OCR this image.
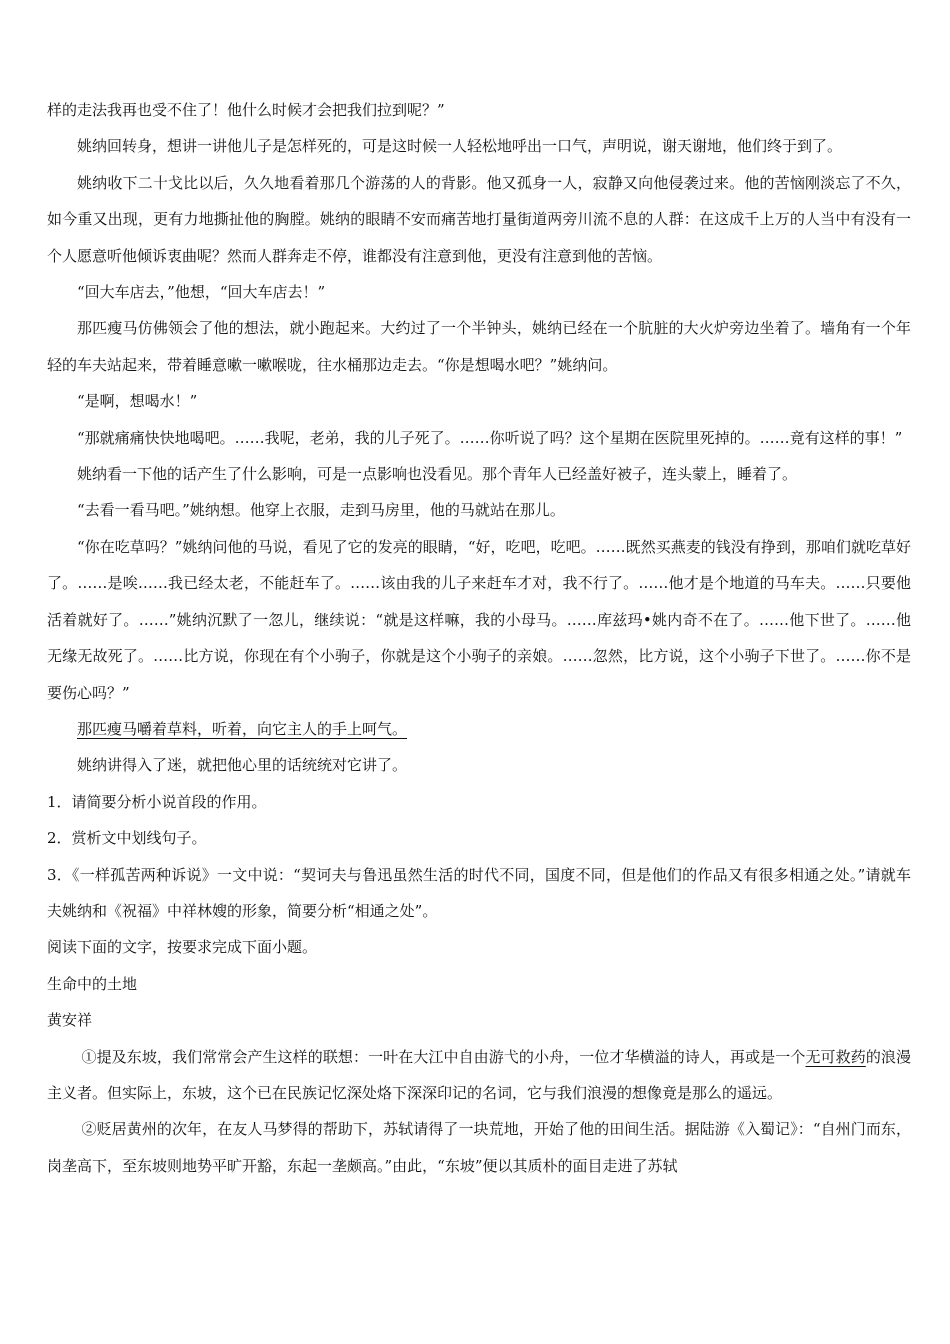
样的走法我再也受不住了！他什么时候才会把我们拉到呢？”

姚纳回转身，想讲一讲他儿子是怎样死的，可是这时候一人轻松地呼出一口气，声明说，谢天谢地，他们终于到了。

姚纳收下二十戈比以后，久久地看着那几个游荡的人的背影。他又孤身一人，寂静又向他侵袭过来。他的苦恼刚淡忘了不久，如今重又出现，更有力地撕扯他的胸膛。姚纳的眼睛不安而痛苦地打量街道两旁川流不息的人群：在这成千上万的人当中有没有一个人愿意听他倾诉衷曲呢？然而人群奔走不停，谁都没有注意到他，更没有注意到他的苦恼。

“回大车店去，”他想，“回大车店去！”

那匹瘦马仿佛领会了他的想法，就小跑起来。大约过了一个半钟头，姚纳已经在一个肮脏的大火炉旁边坐着了。墙角有一个年轻的车夫站起来，带着睡意嗽一嗽喉咙，往水桶那边走去。“你是想喝水吧？”姚纳问。

“是啊，想喝水！”

“那就痛痛快快地喝吧。……我呢，老弟，我的儿子死了。……你听说了吗？这个星期在医院里死掉的。……竟有这样的事！”

姚纳看一下他的话产生了什么影响，可是一点影响也没看见。那个青年人已经盖好被子，连头蒙上，睡着了。

“去看一看马吧。”姚纳想。他穿上衣服，走到马房里，他的马就站在那儿。

“你在吃草吗？”姚纳问他的马说，看见了它的发亮的眼睛，“好，吃吧，吃吧。……既然买燕麦的钱没有挣到，那咱们就吃草好了。……是唉……我已经太老，不能赶车了。……该由我的儿子来赶车才对，我不行了。……他才是个地道的马车夫。……只要他活着就好了。……”姚纳沉默了一忽儿，继续说：“就是这样嘛，我的小母马。……库兹玛•姚内奇不在了。……他下世了。……他无缘无故死了。……比方说，你现在有个小驹子，你就是这个小驹子的亲娘。……忽然，比方说，这个小驹子下世了。……你不是要伤心吗？”

那匹瘦马嚼着草料，听着，向它主人的手上呵气。

姚纳讲得入了迷，就把他心里的话统统对它讲了。

1．请简要分析小说首段的作用。

2．赏析文中划线句子。

3．《一样孤苦两种诉说》一文中说：“契诃夫与鲁迅虽然生活的时代不同，国度不同，但是他们的作品又有很多相通之处。”请就车夫姚纳和《祝福》中祥林嫂的形象，简要分析“相通之处”。

阅读下面的文字，按要求完成下面小题。

生命中的土地

黄安祥

①提及东坡，我们常常会产生这样的联想：一叶在大江中自由游弋的小舟，一位才华横溢的诗人，再或是一个无可救药的浪漫主义者。但实际上，东坡，这个已在民族记忆深处烙下深深印记的名词，它与我们浪漫的想像竟是那么的遥远。

②贬居黄州的次年，在友人马梦得的帮助下，苏轼请得了一块荒地，开始了他的田间生活。据陆游《入蜀记》：“自州门而东，岗垄高下，至东坡则地势平旷开豁，东起一垄颇高。”由此，“东坡”便以其质朴的面目走进了苏轼
